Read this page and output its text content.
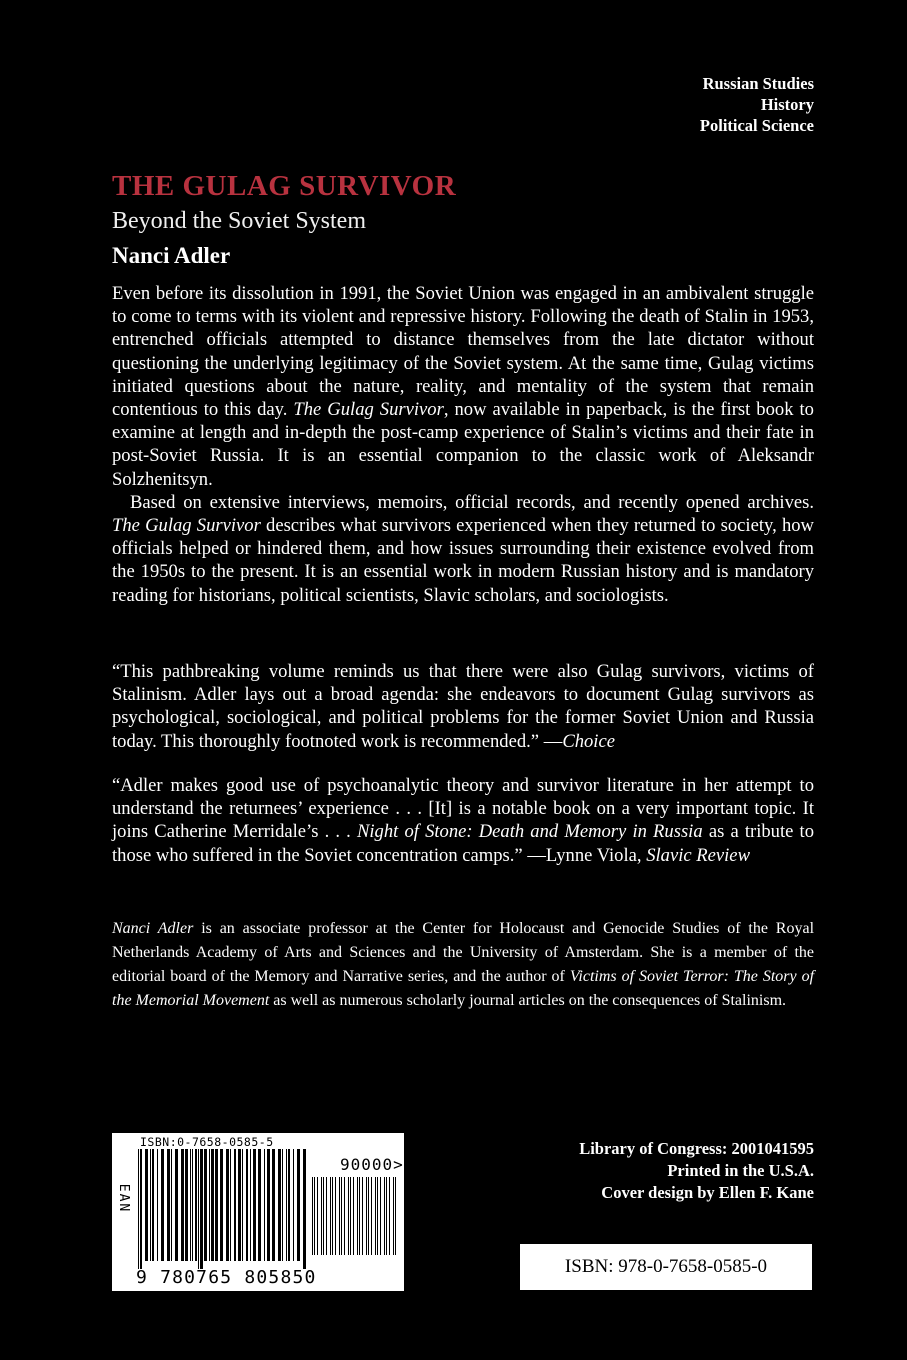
Russian Studies
History
Political Science
THE GULAG SURVIVOR
Beyond the Soviet System
Nanci Adler

Even before its dissolution in 1991, the Soviet Union was engaged in an ambivalent struggle to come to terms with its violent and repressive history. Following the death of Stalin in 1953, entrenched officials attempted to distance themselves from the late dictator without questioning the underlying legitimacy of the Soviet system. At the same time, Gulag victims initiated questions about the nature, reality, and mentality of the system that remain contentious to this day. The Gulag Survivor, now available in paperback, is the first book to examine at length and in-depth the post-camp experience of Stalin’s victims and their fate in post-Soviet Russia. It is an essential companion to the classic work of Aleksandr Solzhenitsyn.

Based on extensive interviews, memoirs, official records, and recently opened archives. The Gulag Survivor describes what survivors experienced when they returned to society, how officials helped or hindered them, and how issues surrounding their existence evolved from the 1950s to the present. It is an essential work in modern Russian history and is mandatory reading for historians, political scientists, Slavic scholars, and sociologists.

“This pathbreaking volume reminds us that there were also Gulag survivors, victims of Stalinism. Adler lays out a broad agenda: she endeavors to document Gulag survivors as psychological, sociological, and political problems for the former Soviet Union and Russia today. This thoroughly footnoted work is recommended.” —Choice

“Adler makes good use of psychoanalytic theory and survivor literature in her attempt to understand the returnees’ experience . . . [It] is a notable book on a very important topic. It joins Catherine Merridale’s . . . Night of Stone: Death and Memory in Russia as a tribute to those who suffered in the Soviet concentration camps.” —Lynne Viola, Slavic Review

Nanci Adler is an associate professor at the Center for Holocaust and Genocide Studies of the Royal Netherlands Academy of Arts and Sciences and the University of Amsterdam. She is a member of the editorial board of the Memory and Narrative series, and the author of Victims of Soviet Terror: The Story of the Memorial Movement as well as numerous scholarly journal articles on the consequences of Stalinism.

ISBN:0-7658-0585-5
EAN
90000>
9 780765 805850
Library of Congress: 2001041595
Printed in the U.S.A.
Cover design by Ellen F. Kane
ISBN: 978-0-7658-0585-0
